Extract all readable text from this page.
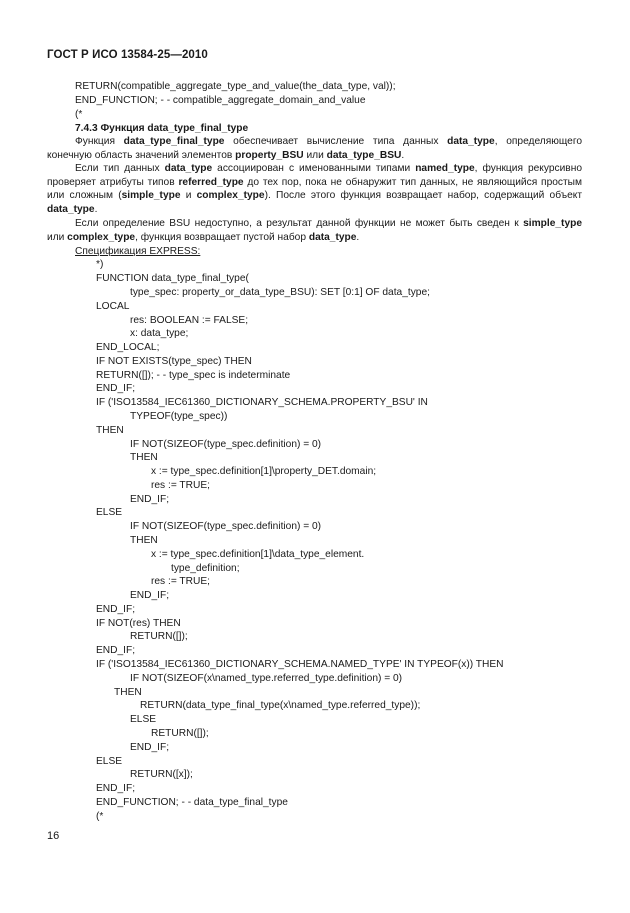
ГОСТ Р ИСО 13584-25—2010
RETURN(compatible_aggregate_type_and_value(the_data_type, val));
END_FUNCTION; - - compatible_aggregate_domain_and_value
(*
7.4.3 Функция data_type_final_type
Функция data_type_final_type обеспечивает вычисление типа данных data_type, определяющего конечную область значений элементов property_BSU или data_type_BSU.
Если тип данных data_type ассоциирован с именованными типами named_type, функция рекурсивно проверяет атрибуты типов referred_type до тех пор, пока не обнаружит тип данных, не являющийся простым или сложным (simple_type и complex_type). После этого функция возвращает набор, содержащий объект data_type.
Если определение BSU недоступно, а результат данной функции не может быть сведен к simple_type или complex_type, функция возвращает пустой набор data_type.
Спецификация EXPRESS:
*)
FUNCTION data_type_final_type(
type_spec: property_or_data_type_BSU): SET [0:1] OF data_type;
LOCAL
res: BOOLEAN := FALSE;
x: data_type;
END_LOCAL;
IF NOT EXISTS(type_spec) THEN
RETURN([]); - - type_spec is indeterminate
END_IF;
IF ('ISO13584_IEC61360_DICTIONARY_SCHEMA.PROPERTY_BSU' IN
TYPEOF(type_spec))
THEN
IF NOT(SIZEOF(type_spec.definition) = 0)
THEN
x := type_spec.definition[1]\property_DET.domain;
res := TRUE;
END_IF;
ELSE
IF NOT(SIZEOF(type_spec.definition) = 0)
THEN
x := type_spec.definition[1]\data_type_element.
type_definition;
res := TRUE;
END_IF;
END_IF;
IF NOT(res) THEN
RETURN([]);
END_IF;
IF ('ISO13584_IEC61360_DICTIONARY_SCHEMA.NAMED_TYPE' IN TYPEOF(x)) THEN
IF NOT(SIZEOF(x\named_type.referred_type.definition) = 0)
THEN
RETURN(data_type_final_type(x\named_type.referred_type));
ELSE
RETURN([]);
END_IF;
ELSE
RETURN([x]);
END_IF;
END_FUNCTION; - - data_type_final_type
(*
16
